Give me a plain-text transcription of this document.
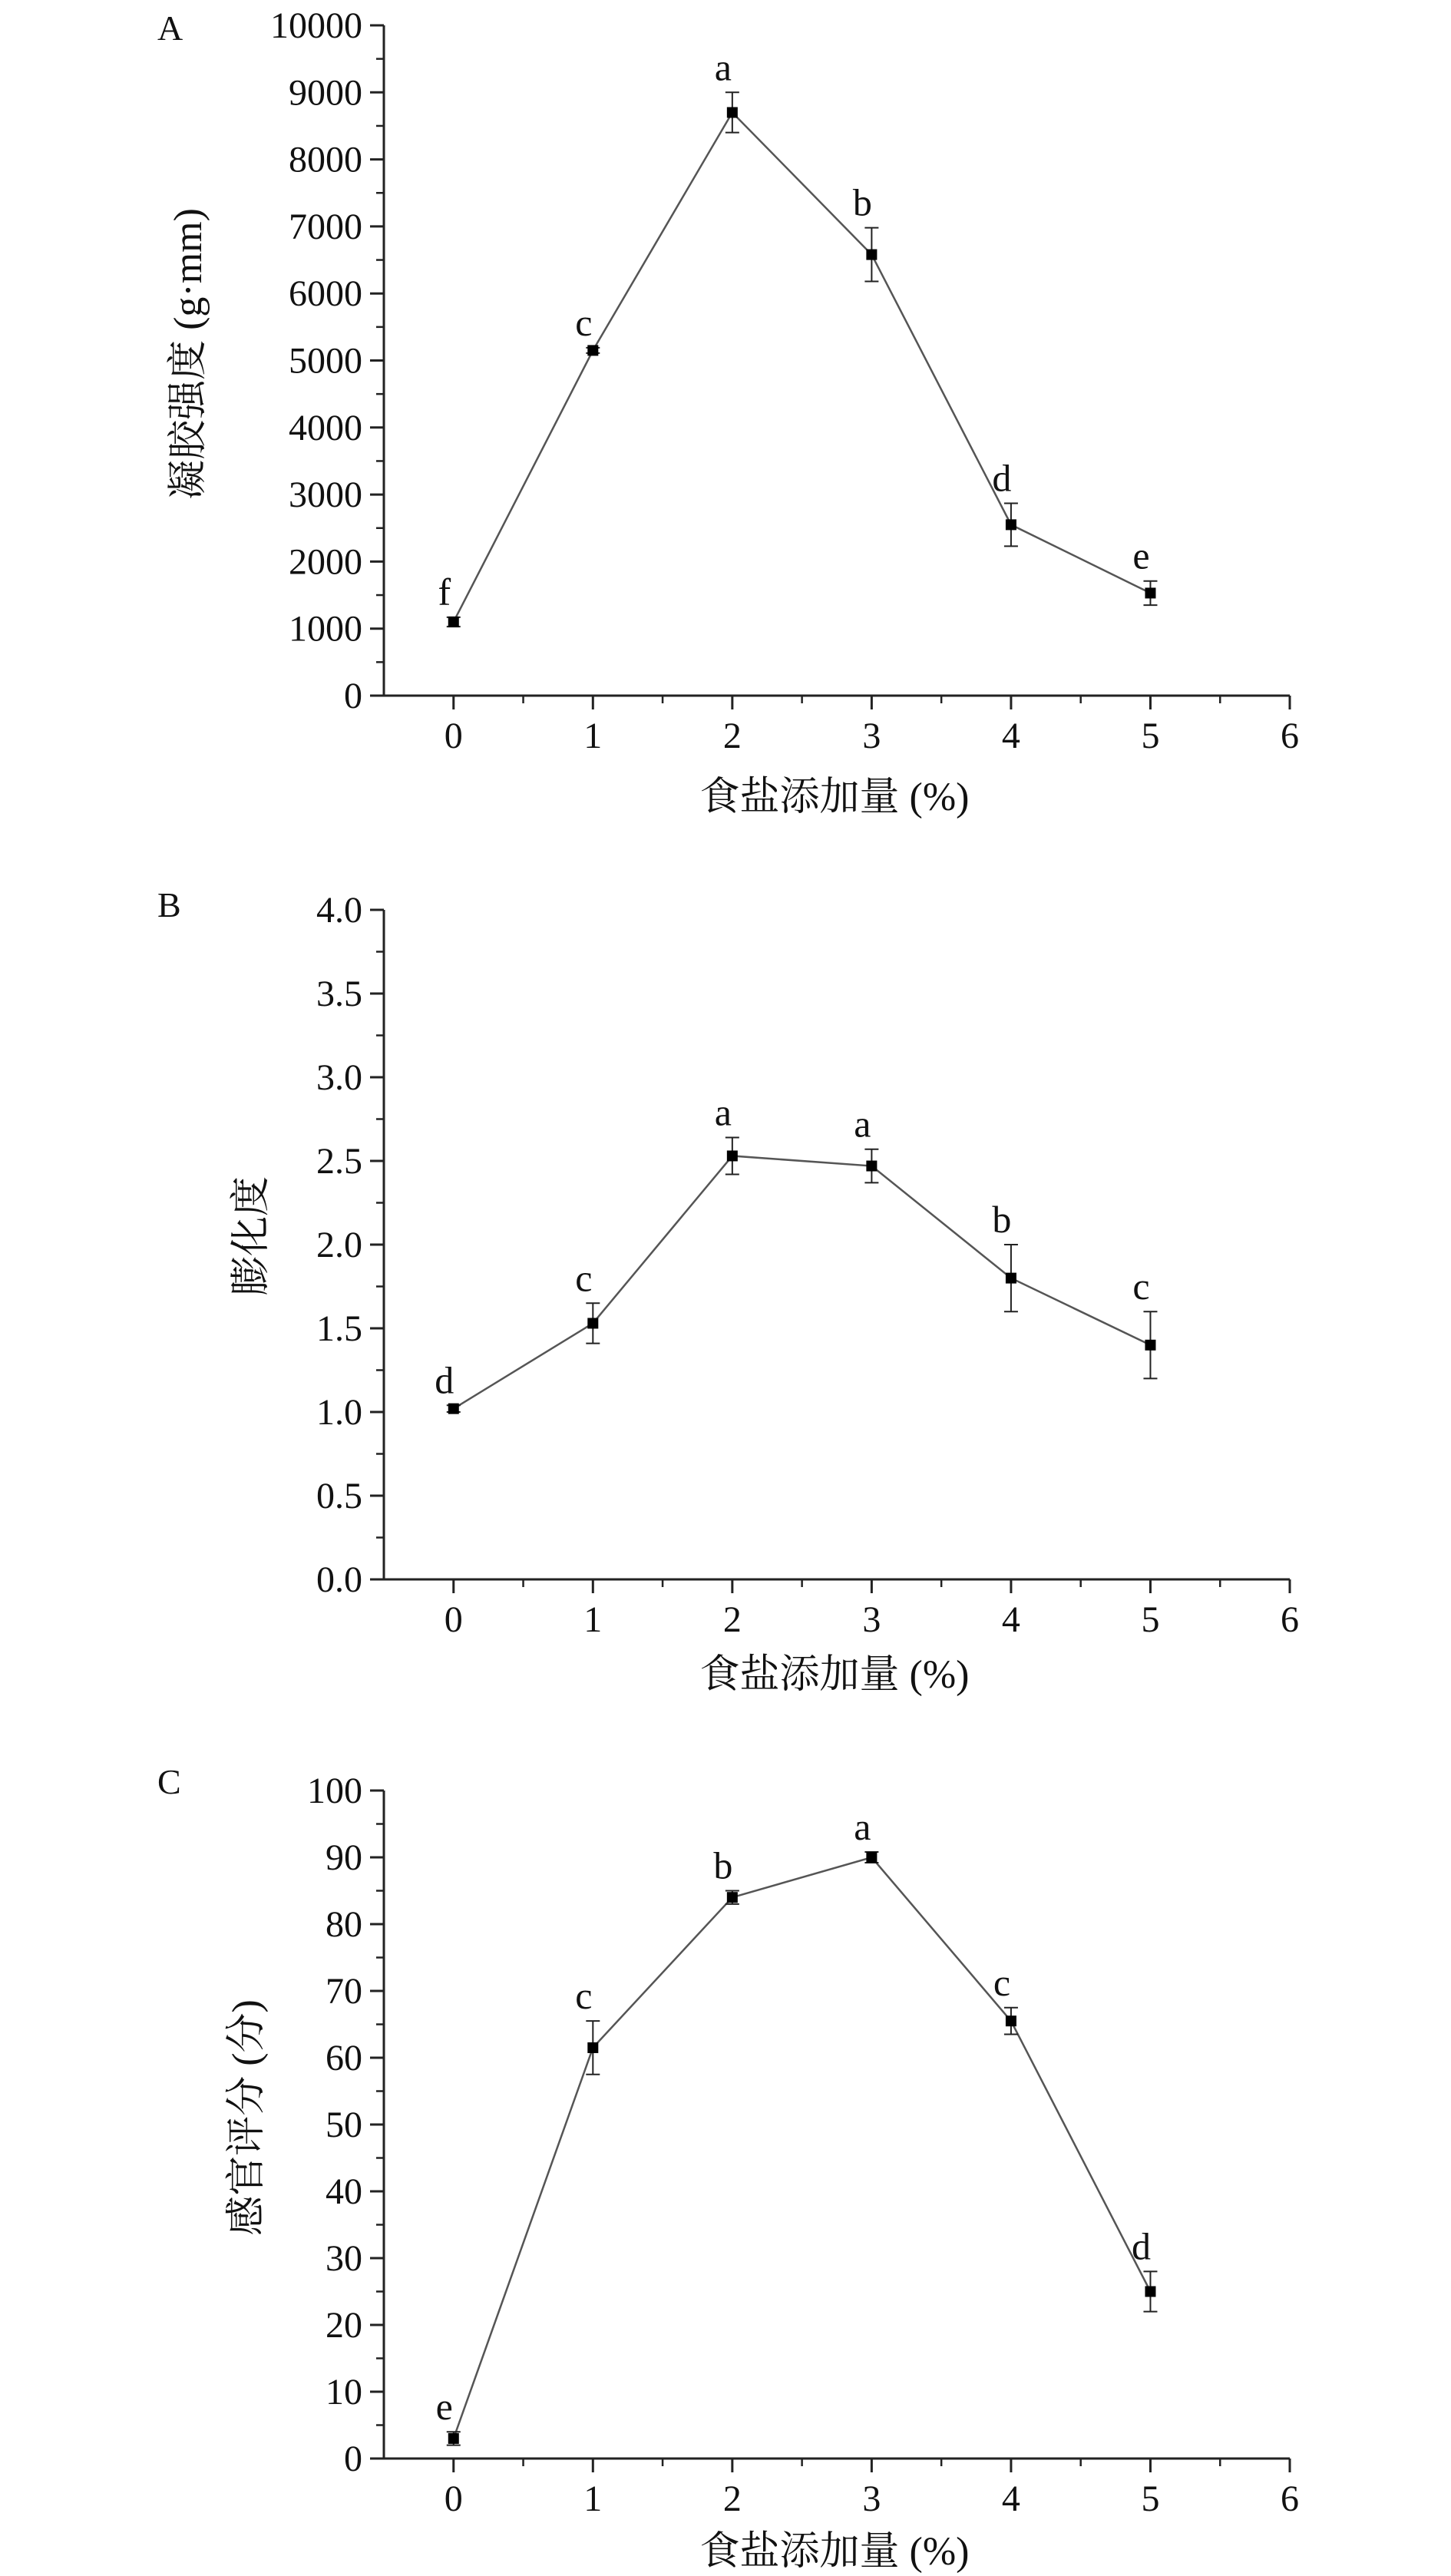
A
凝胶强度 (g·mm)
食盐添加量 (%)
0
1000
2000
3000
4000
5000
6000
7000
8000
9000
10000
0	1	2	3	4	5	6
f
c
a
b
d
e
B
膨化度
食盐添加量 (%)
0.0
0.5
1.0
1.5
2.0
2.5
3.0
3.5
4.0
0	1	2	3	4	5	6
d
c
a	a
b
c
C
感官评分 (分)
食盐添加量 (%)
0
10
20
30
40
50
60
70
80
90
100
0	1	2	3	4	5	6
e
c
b
a
c
d
